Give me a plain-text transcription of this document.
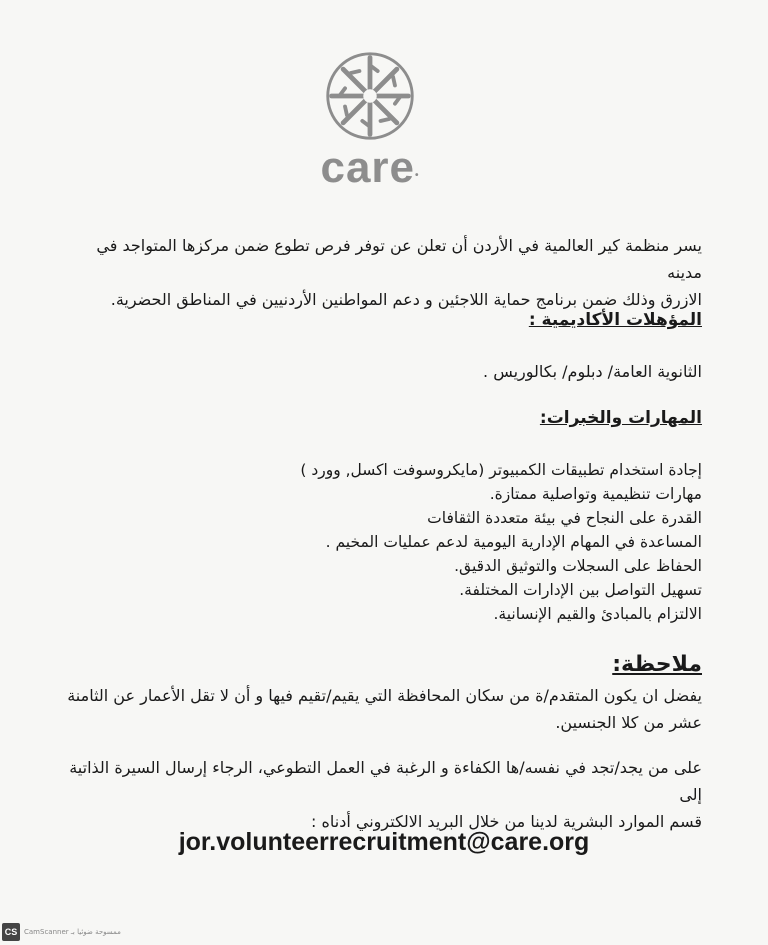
care•
يسر منظمة كير العالمية في الأردن أن تعلن عن توفر فرص تطوع ضمن مركزها المتواجد في مدينه
الازرق وذلك ضمن برنامج حماية اللاجئين و دعم المواطنين الأردنيين في المناطق الحضرية.
المؤهلات الأكاديمية :
الثانوية العامة/ دبلوم/ بكالوريس .
المهارات والخبرات:
إجادة استخدام تطبيقات الكمبيوتر (مايكروسوفت اكسل, وورد )
مهارات تنظيمية وتواصلية ممتازة.
القدرة على النجاح في بيئة متعددة الثقافات
المساعدة في المهام الإدارية اليومية لدعم عمليات المخيم .
الحفاظ على السجلات والتوثيق الدقيق.
تسهيل التواصل بين الإدارات المختلفة.
الالتزام بالمبادئ والقيم الإنسانية.
ملاحظة:
يفضل ان يكون المتقدم/ة من سكان المحافظة التي يقيم/تقيم فيها و أن لا تقل الأعمار عن الثامنة
عشر من كلا الجنسين.
على من يجد/تجد في نفسه/ها الكفاءة و الرغبة في العمل التطوعي، الرجاء إرسال السيرة الذاتية إلى
قسم الموارد البشرية لدينا من خلال البريد الالكتروني أدناه :
jor.volunteerrecruitment@care.org
CS CamScanner ممسوحة ضوئيا بـ
